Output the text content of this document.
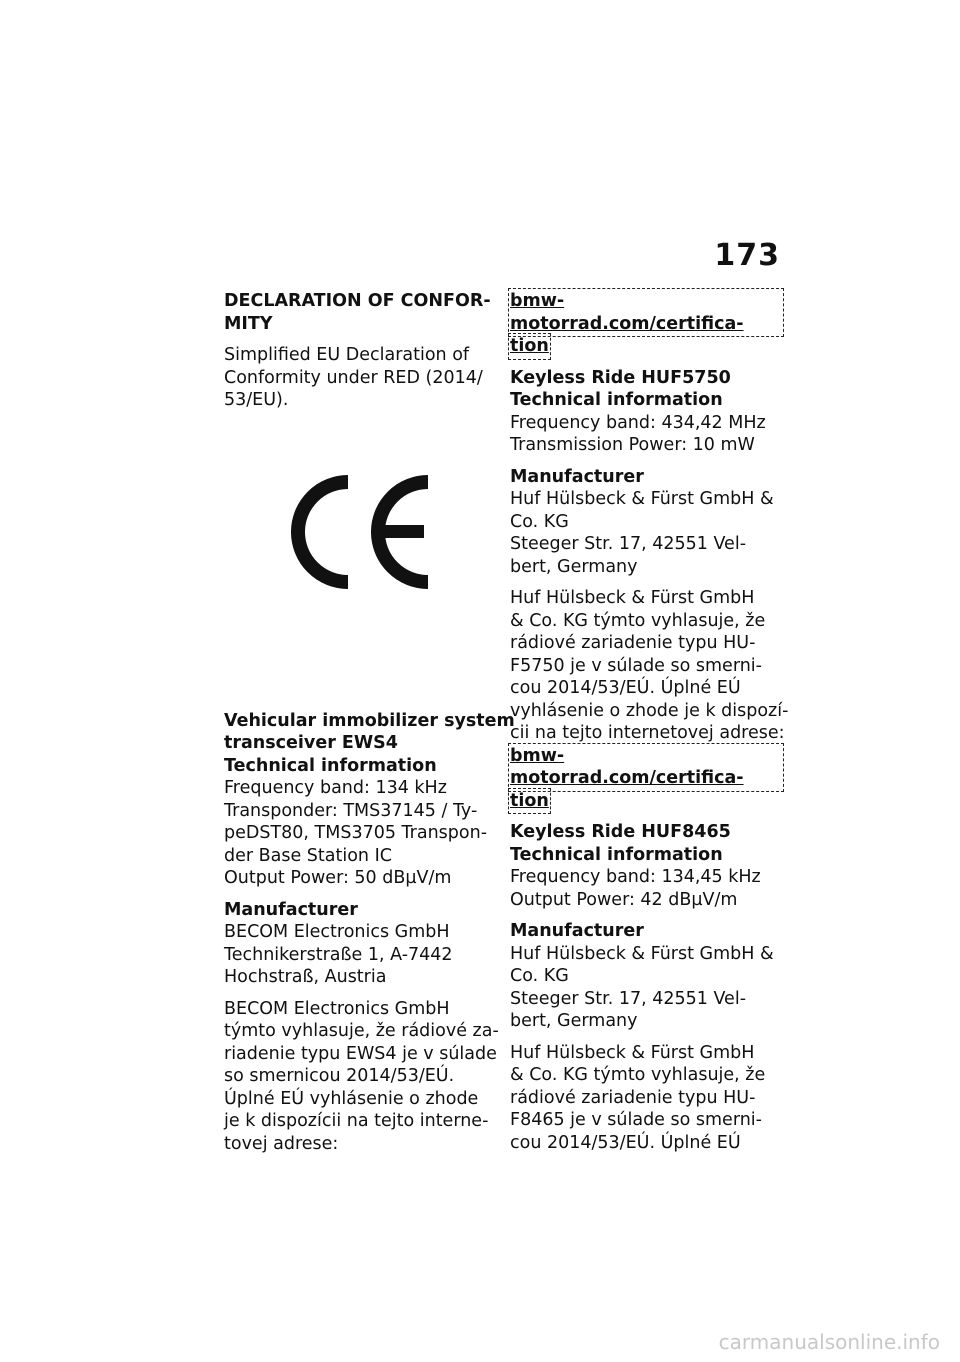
173
DECLARATION OF CONFOR-
MITY
Simplified EU Declaration of
Conformity under RED (2014/
53/EU).
Vehicular immobilizer system
transceiver EWS4
Technical information
Frequency band: 134 kHz
Transponder: TMS37145 / Ty-
peDST80, TMS3705 Transpon-
der Base Station IC
Output Power: 50 dBµV/m
Manufacturer
BECOM Electronics GmbH
Technikerstraße 1, A-7442
Hochstraß, Austria
BECOM Electronics GmbH
týmto vyhlasuje, že rádiové za-
riadenie typu EWS4 je v súlade
so smernicou 2014/53/EÚ.
Úplné EÚ vyhlásenie o zhode
je k dispozícii na tejto interne-
tovej adrese:
bmw-motorrad.com/certifica-
tion
Keyless Ride HUF5750
Technical information
Frequency band: 434,42 MHz
Transmission Power: 10 mW
Manufacturer
Huf Hülsbeck & Fürst GmbH &
Co. KG
Steeger Str. 17, 42551 Vel-
bert, Germany
Huf Hülsbeck & Fürst GmbH
& Co. KG týmto vyhlasuje, že
rádiové zariadenie typu HU-
F5750 je v súlade so smerni-
cou 2014/53/EÚ. Úplné EÚ
vyhlásenie o zhode je k dispozí-
cii na tejto internetovej adrese:
bmw-motorrad.com/certifica-
tion
Keyless Ride HUF8465
Technical information
Frequency band: 134,45 kHz
Output Power: 42 dBµV/m
Manufacturer
Huf Hülsbeck & Fürst GmbH &
Co. KG
Steeger Str. 17, 42551 Vel-
bert, Germany
Huf Hülsbeck & Fürst GmbH
& Co. KG týmto vyhlasuje, že
rádiové zariadenie typu HU-
F8465 je v súlade so smerni-
cou 2014/53/EÚ. Úplné EÚ
carmanualsonline.info
